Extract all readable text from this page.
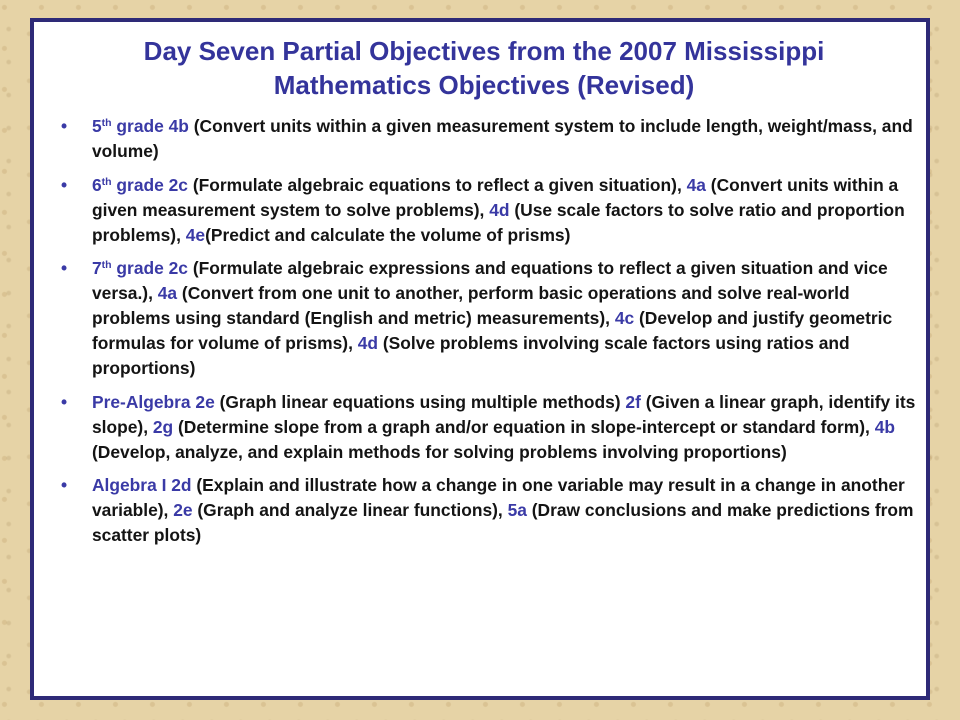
Day Seven Partial Objectives from the 2007 Mississippi
Mathematics Objectives (Revised)
• 5th grade 4b (Convert units within a given measurement system to include length, weight/mass, and volume)
• 6th grade 2c (Formulate algebraic equations to reflect a given situation), 4a (Convert units within a given measurement system to solve problems), 4d (Use scale factors to solve ratio and proportion problems), 4e(Predict and calculate the volume of prisms)
• 7th grade 2c (Formulate algebraic expressions and equations to reflect a given situation and vice versa.), 4a (Convert from one unit to another, perform basic operations and solve real-world problems using standard (English and metric) measurements), 4c (Develop and justify geometric formulas for volume of prisms), 4d (Solve problems involving scale factors using ratios and proportions)
• Pre-Algebra 2e (Graph linear equations using multiple methods) 2f (Given a linear graph, identify its slope), 2g (Determine slope from a graph and/or equation in slope-intercept or standard form), 4b (Develop, analyze, and explain methods for solving problems involving proportions)
• Algebra I 2d (Explain and illustrate how a change in one variable may result in a change in another variable), 2e (Graph and analyze linear functions), 5a (Draw conclusions and make predictions from scatter plots)
